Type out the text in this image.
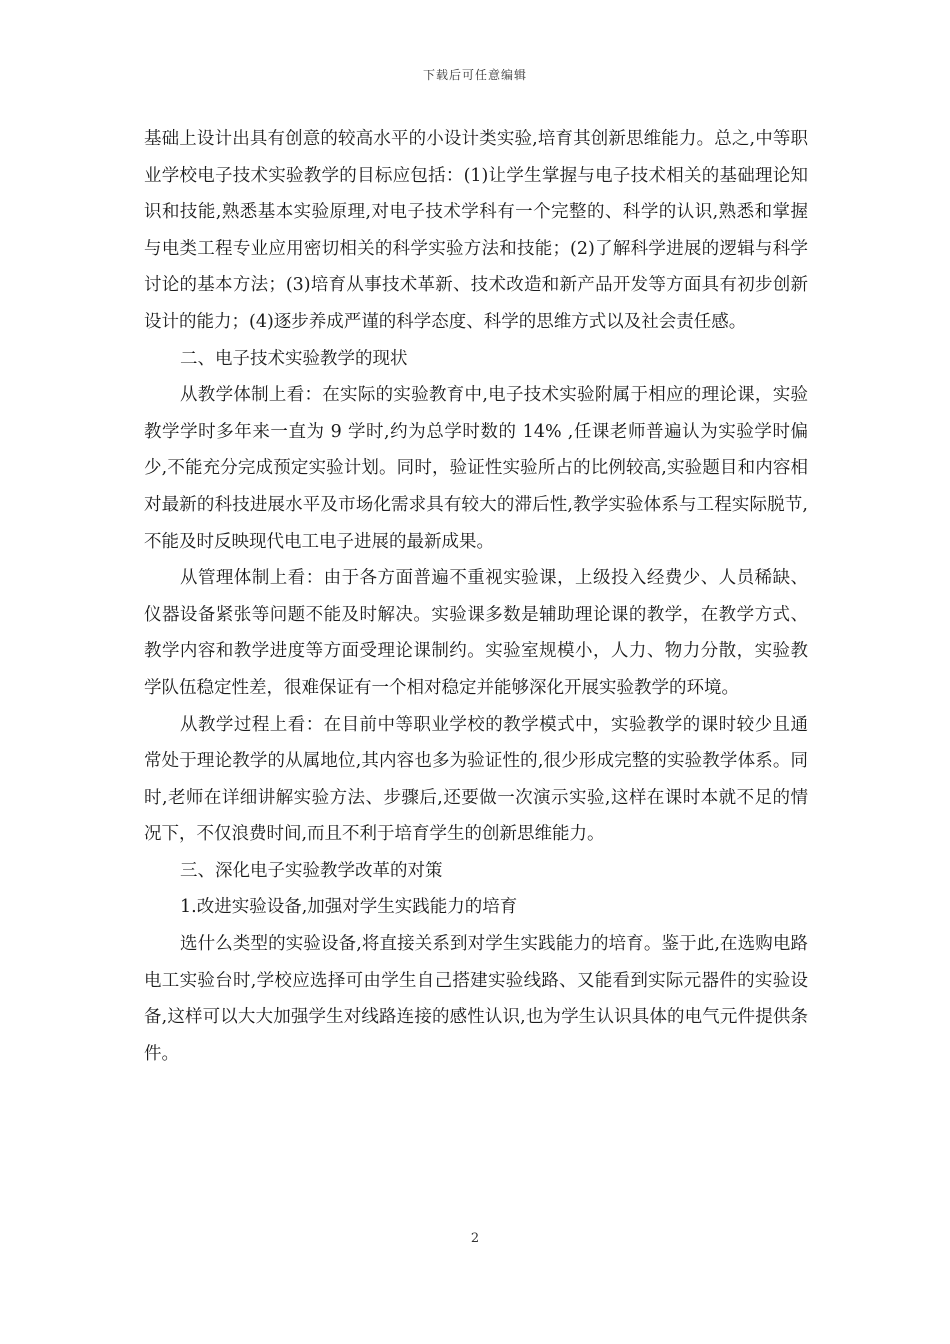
下载后可任意编辑

基础上设计出具有创意的较高水平的小设计类实验,培育其创新思维能力。总之,中等职业学校电子技术实验教学的目标应包括：(1)让学生掌握与电子技术相关的基础理论知识和技能,熟悉基本实验原理,对电子技术学科有一个完整的、科学的认识,熟悉和掌握与电类工程专业应用密切相关的科学实验方法和技能；(2)了解科学进展的逻辑与科学讨论的基本方法；(3)培育从事技术革新、技术改造和新产品开发等方面具有初步创新设计的能力；(4)逐步养成严谨的科学态度、科学的思维方式以及社会责任感。

二、电子技术实验教学的现状

从教学体制上看：在实际的实验教育中,电子技术实验附属于相应的理论课，实验教学学时多年来一直为 9 学时,约为总学时数的 14% ,任课老师普遍认为实验学时偏少,不能充分完成预定实验计划。同时，验证性实验所占的比例较高,实验题目和内容相对最新的科技进展水平及市场化需求具有较大的滞后性,教学实验体系与工程实际脱节,不能及时反映现代电工电子进展的最新成果。

从管理体制上看：由于各方面普遍不重视实验课，上级投入经费少、人员稀缺、仪器设备紧张等问题不能及时解决。实验课多数是辅助理论课的教学，在教学方式、教学内容和教学进度等方面受理论课制约。实验室规模小，人力、物力分散，实验教学队伍稳定性差，很难保证有一个相对稳定并能够深化开展实验教学的环境。

从教学过程上看：在目前中等职业学校的教学模式中，实验教学的课时较少且通常处于理论教学的从属地位,其内容也多为验证性的,很少形成完整的实验教学体系。同时,老师在详细讲解实验方法、步骤后,还要做一次演示实验,这样在课时本就不足的情况下，不仅浪费时间,而且不利于培育学生的创新思维能力。

三、深化电子实验教学改革的对策

1.改进实验设备,加强对学生实践能力的培育

选什么类型的实验设备,将直接关系到对学生实践能力的培育。鉴于此,在选购电路电工实验台时,学校应选择可由学生自己搭建实验线路、又能看到实际元器件的实验设备,这样可以大大加强学生对线路连接的感性认识,也为学生认识具体的电气元件提供条件。

2
